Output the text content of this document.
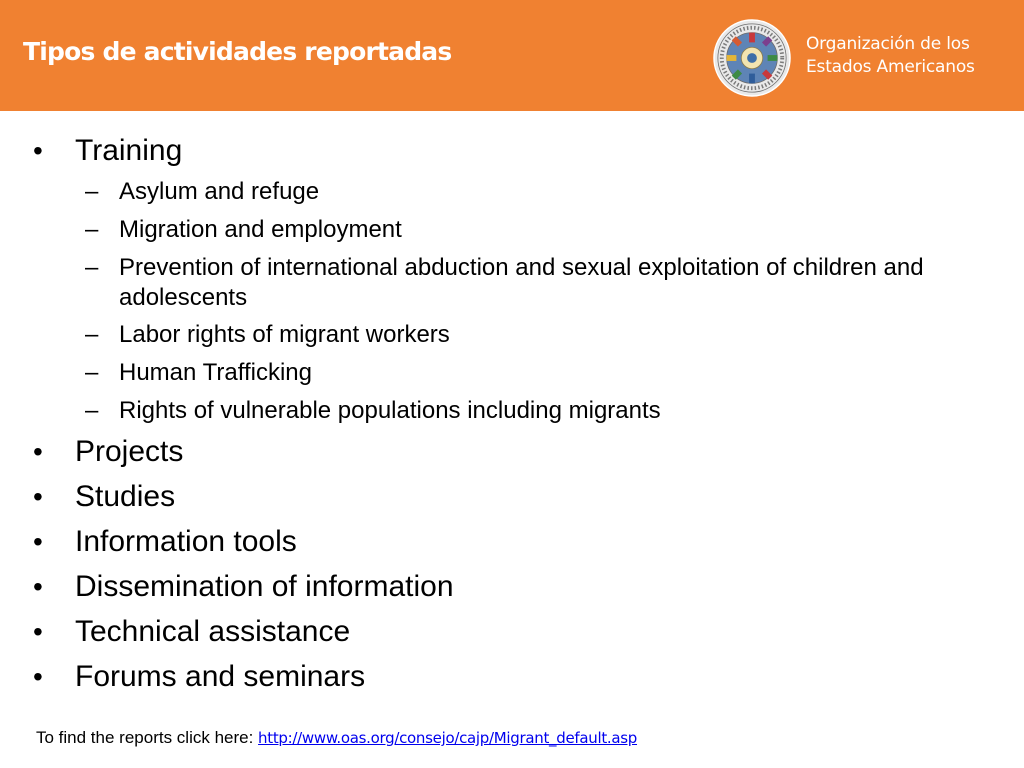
Tipos de actividades reportadas	Organización de los
Estados Americanos
• Training
– Asylum and refuge
– Migration and employment
– Prevention of international abduction and sexual exploitation of children and adolescents
– Labor rights of migrant workers
– Human Trafficking
– Rights of vulnerable populations including migrants
• Projects
• Studies
• Information tools
• Dissemination of information
• Technical assistance
• Forums and seminars
To find the reports click here: http://www.oas.org/consejo/cajp/Migrant_default.asp
